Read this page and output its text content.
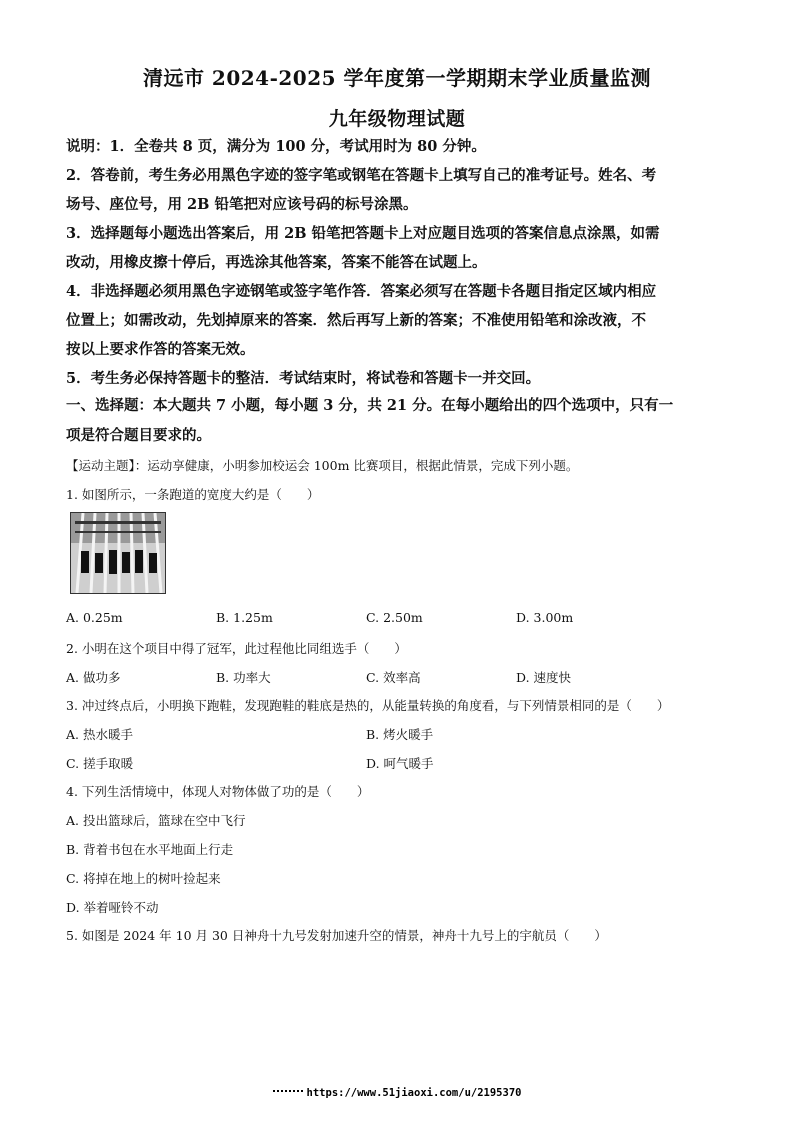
清远市 2024-2025 学年度第一学期期末学业质量监测
九年级物理试题
说明：1．全卷共 8 页，满分为 100 分，考试用时为 80 分钟。
2．答卷前，考生务必用黑色字迹的签字笔或钢笔在答题卡上填写自己的准考证号。姓名、考
场号、座位号，用 2B 铅笔把对应该号码的标号涂黑。
3．选择题每小题选出答案后，用 2B 铅笔把答题卡上对应题目选项的答案信息点涂黑，如需
改动，用橡皮擦十停后，再选涂其他答案，答案不能答在试题上。
4．非选择题必须用黑色字迹钢笔或签字笔作答．答案必须写在答题卡各题目指定区域内相应
位置上；如需改动，先划掉原来的答案．然后再写上新的答案；不准使用铅笔和涂改液，不
按以上要求作答的答案无效。
5．考生务必保持答题卡的整洁．考试结束时，将试卷和答题卡一并交回。
一、选择题：本大题共 7 小题，每小题 3 分，共 21 分。在每小题给出的四个选项中，只有一
项是符合题目要求的。
【运动主题】：运动享健康，小明参加校运会 100m 比赛项目，根据此情景，完成下列小题。
1. 如图所示，一条跑道的宽度大约是（　　）
A. 0.25m	B. 1.25m	C. 2.50m	D. 3.00m
2. 小明在这个项目中得了冠军，此过程他比同组选手（　　）
A. 做功多	B. 功率大	C. 效率高	D. 速度快
3. 冲过终点后，小明换下跑鞋，发现跑鞋的鞋底是热的，从能量转换的角度看，与下列情景相同的是（　　）
A. 热水暖手	B. 烤火暖手
C. 搓手取暖	D. 呵气暖手
4. 下列生活情境中，体现人对物体做了功的是（　　）
A. 投出篮球后，篮球在空中飞行
B. 背着书包在水平地面上行走
C. 将掉在地上的树叶捡起来
D. 举着哑铃不动
5. 如图是 2024 年 10 月 30 日神舟十九号发射加速升空的情景，神舟十九号上的宇航员（　　）
https://www.51jiaoxi.com/u/2195370
